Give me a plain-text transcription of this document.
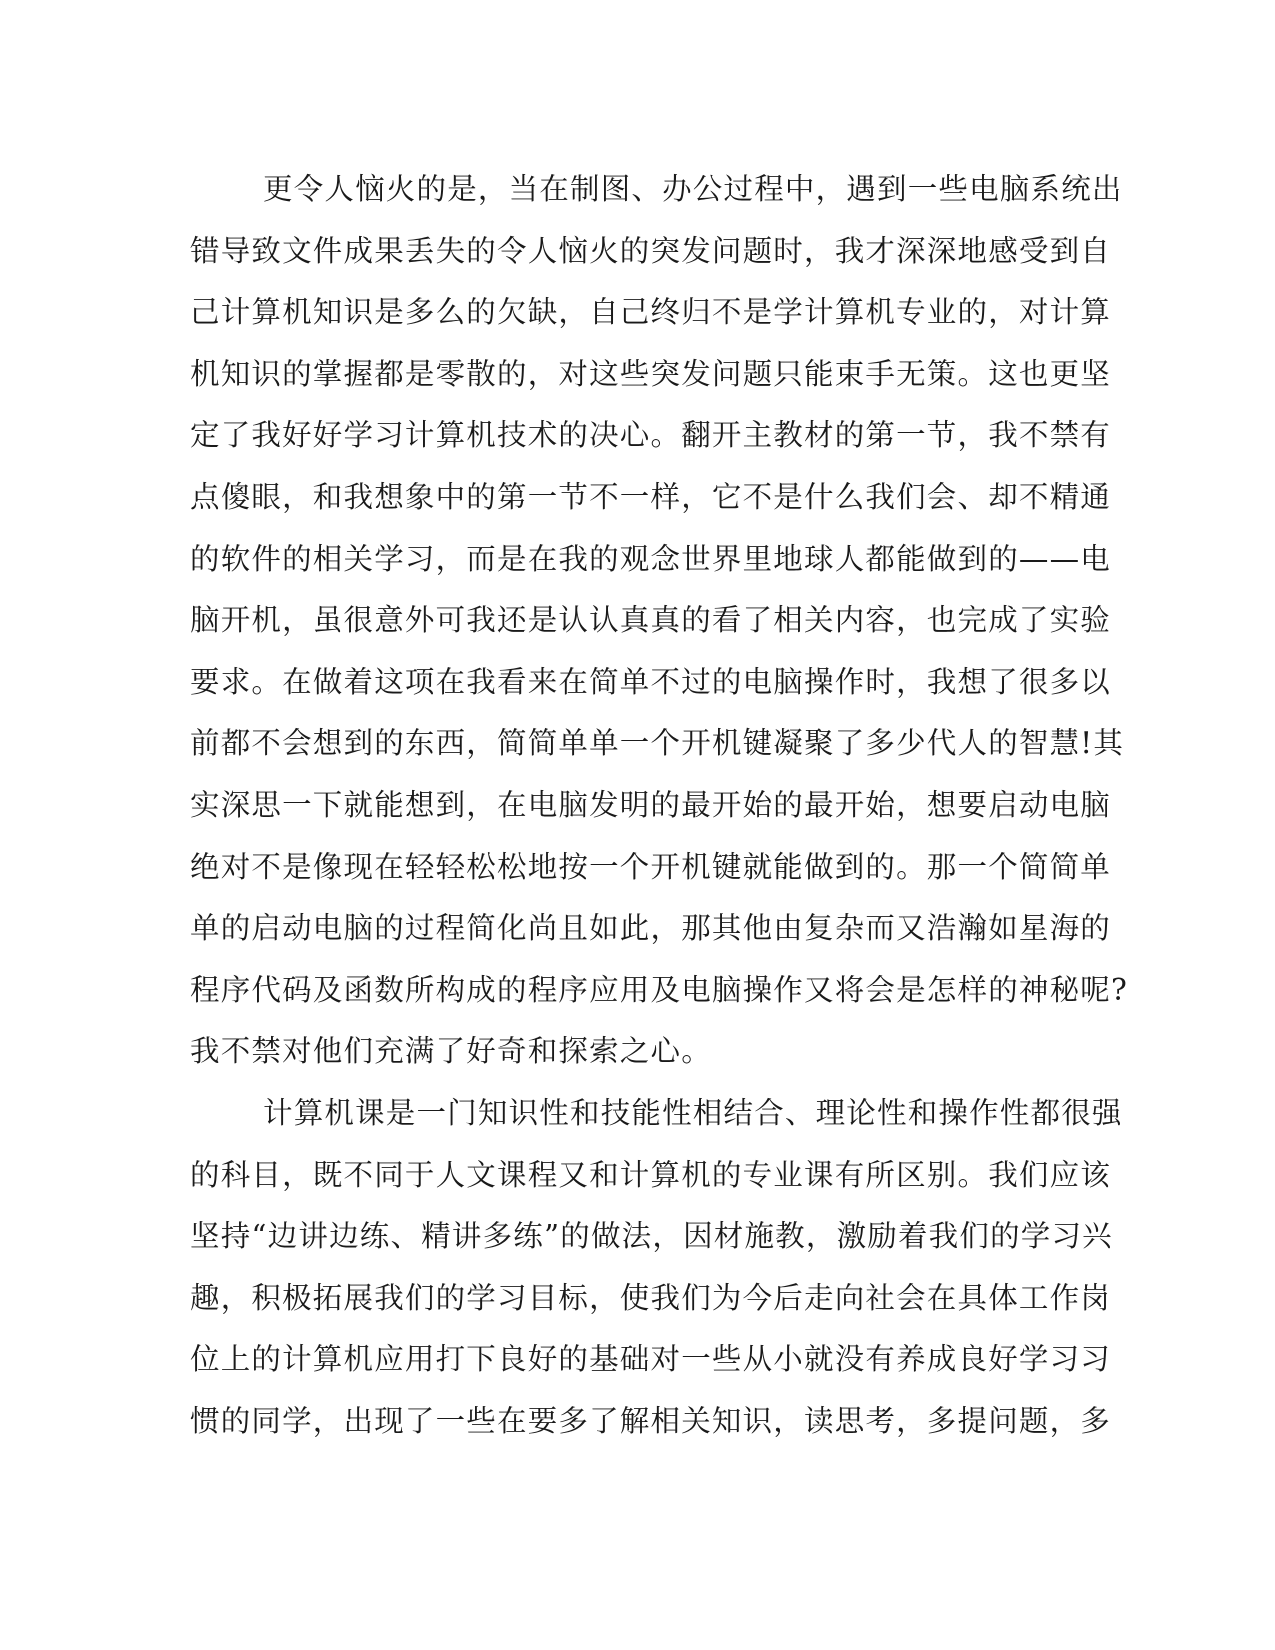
更令人恼火的是，当在制图、办公过程中，遇到一些电脑系统出
错导致文件成果丢失的令人恼火的突发问题时，我才深深地感受到自
己计算机知识是多么的欠缺，自己终归不是学计算机专业的，对计算
机知识的掌握都是零散的，对这些突发问题只能束手无策。这也更坚
定了我好好学习计算机技术的决心。翻开主教材的第一节，我不禁有
点傻眼，和我想象中的第一节不一样，它不是什么我们会、却不精通
的软件的相关学习，而是在我的观念世界里地球人都能做到的——电
脑开机，虽很意外可我还是认认真真的看了相关内容，也完成了实验
要求。在做着这项在我看来在简单不过的电脑操作时，我想了很多以
前都不会想到的东西，简简单单一个开机键凝聚了多少代人的智慧!其
实深思一下就能想到，在电脑发明的最开始的最开始，想要启动电脑
绝对不是像现在轻轻松松地按一个开机键就能做到的。那一个简简单
单的启动电脑的过程简化尚且如此，那其他由复杂而又浩瀚如星海的
程序代码及函数所构成的程序应用及电脑操作又将会是怎样的神秘呢?
我不禁对他们充满了好奇和探索之心。
计算机课是一门知识性和技能性相结合、理论性和操作性都很强
的科目，既不同于人文课程又和计算机的专业课有所区别。我们应该
坚持“边讲边练、精讲多练”的做法，因材施教，激励着我们的学习兴
趣，积极拓展我们的学习目标，使我们为今后走向社会在具体工作岗
位上的计算机应用打下良好的基础对一些从小就没有养成良好学习习
惯的同学，出现了一些在要多了解相关知识，读思考，多提问题，多
